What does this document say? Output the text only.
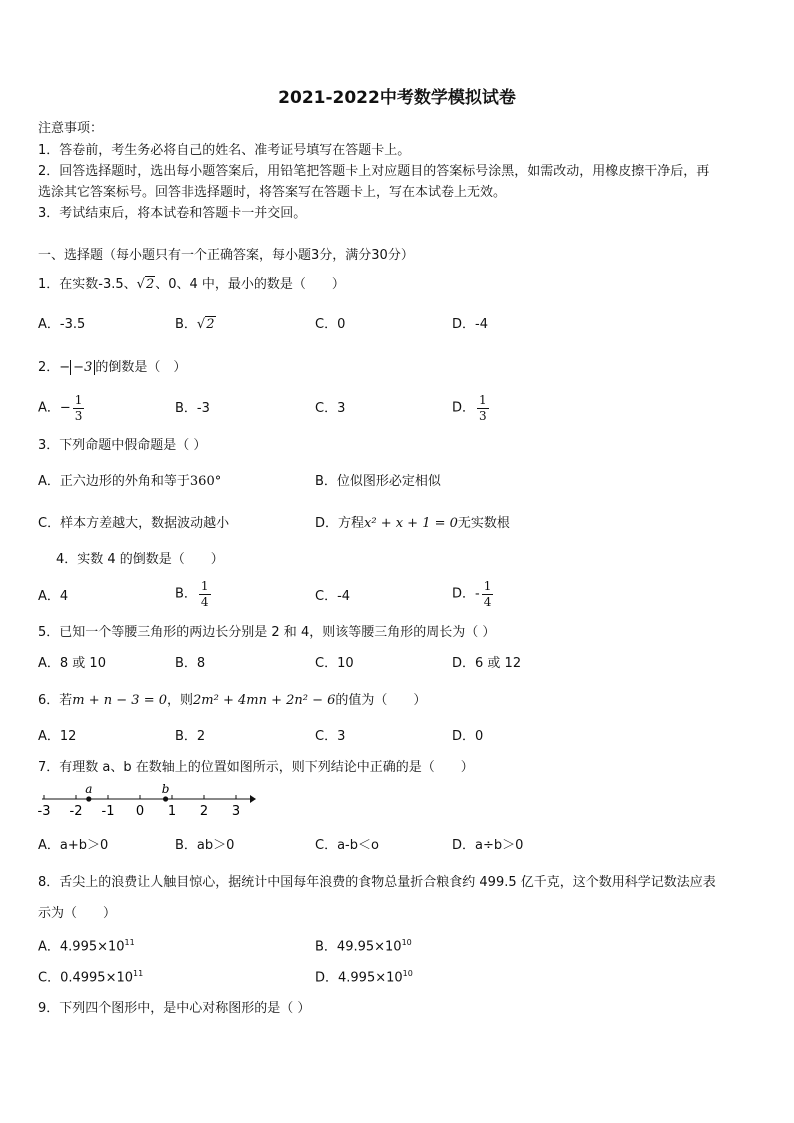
2021-2022中考数学模拟试卷
注意事项：
1．答卷前，考生务必将自己的姓名、准考证号填写在答题卡上。
2．回答选择题时，选出每小题答案后，用铅笔把答题卡上对应题目的答案标号涂黑，如需改动，用橡皮擦干净后，再
选涂其它答案标号。回答非选择题时，将答案写在答题卡上，写在本试卷上无效。
3．考试结束后，将本试卷和答题卡一并交回。
一、选择题（每小题只有一个正确答案，每小题3分，满分30分）
1．在实数-3.5、√2、0、4 中，最小的数是（　　）
A．-3.5	B．√2	C．0	D．-4
2．− −3 的倒数是（　）
A．− $\frac{1}{3}$	B．-3	C．3	D． $\frac{1}{3}$
3．下列命题中假命题是（ ）
A．正六边形的外角和等于360°	B．位似图形必定相似
C．样本方差越大，数据波动越小	D．方程x² + x + 1 = 0无实数根
4．实数 4 的倒数是（　　）
A．4	B． $\frac{1}{4}$	C．-4	D．- $\frac{1}{4}$
5．已知一个等腰三角形的两边长分别是 2 和 4，则该等腰三角形的周长为（ ）
A．8 或 10	B．8	C．10	D．6 或 12
6．若m + n − 3 = 0，则2m² + 4mn + 2n² − 6的值为（　　）
A．12	B．2	C．3	D．0
7．有理数 a、b 在数轴上的位置如图所示，则下列结论中正确的是（　　）
-3 -2 -1 0 1 2 3
a	b
A．a+b＞0	B．ab＞0	C．a-b＜o	D．a÷b＞0
8．舌尖上的浪费让人触目惊心，据统计中国每年浪费的食物总量折合粮食约 499.5 亿千克，这个数用科学记数法应表
示为（　　）
A．$4.995\times 10^{11}$	B．$49.95\times 10^{10}$
C．$0.4995\times 10^{11}$	D．$4.995\times 10^{10}$
9．下列四个图形中，是中心对称图形的是（ ）
